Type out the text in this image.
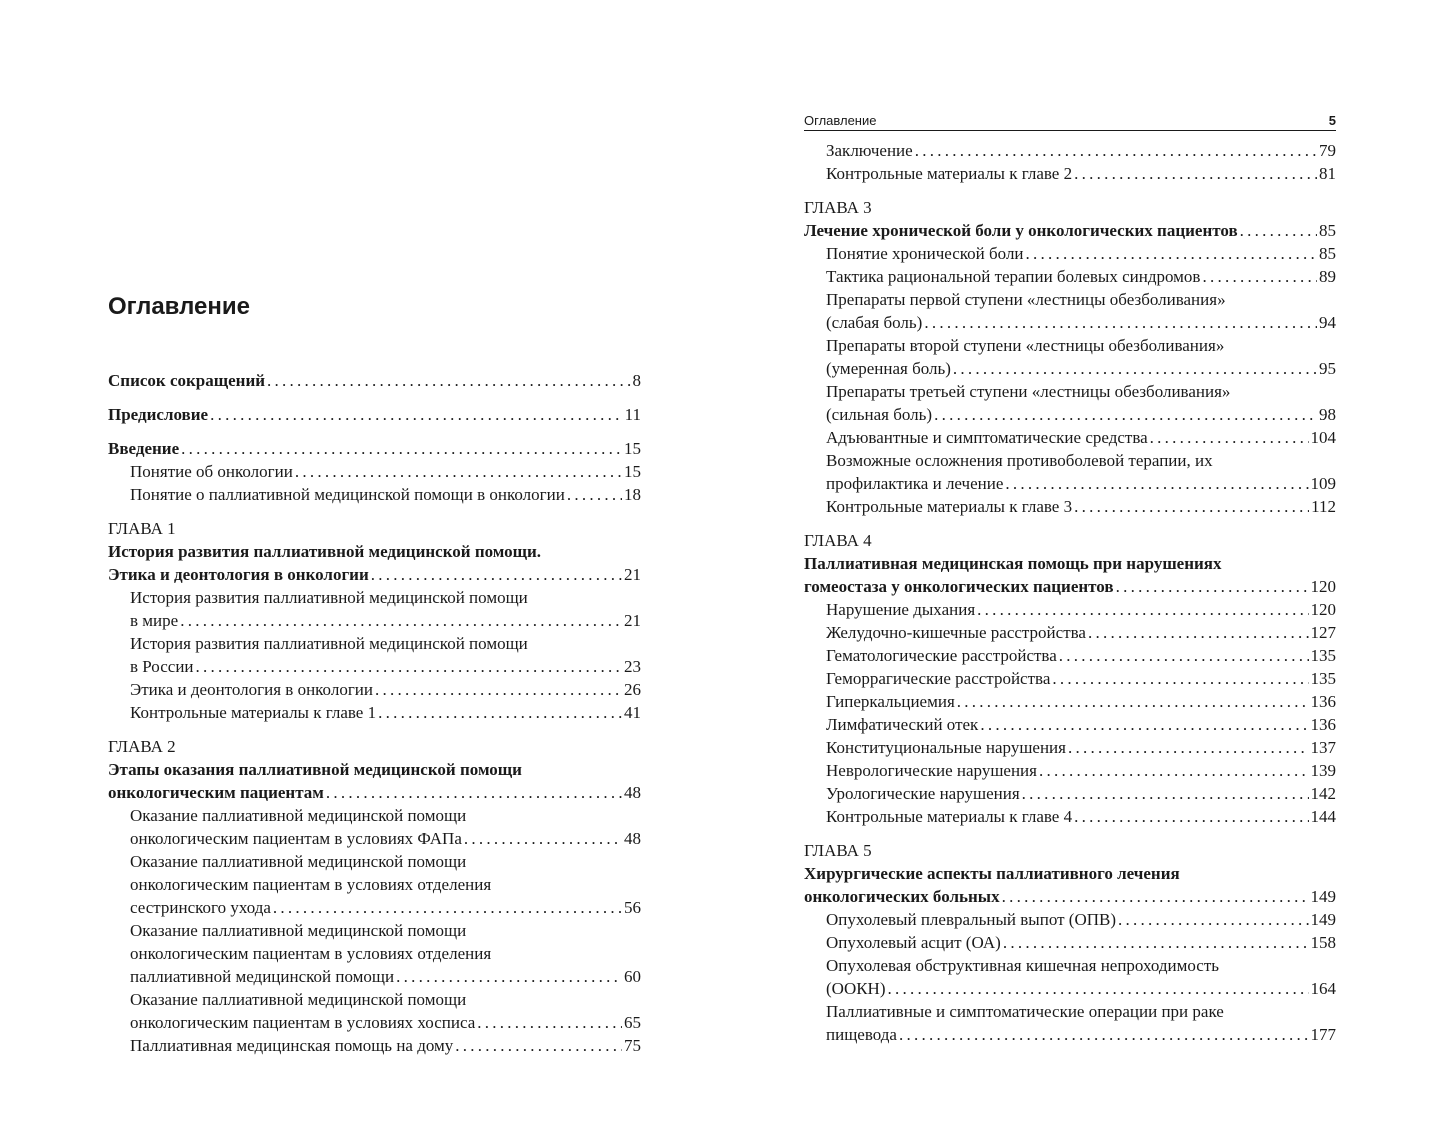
Оглавление
Список сокращений . . .	8
Предисловие . . .	11
Введение . . .	15
Понятие об онкологии . . .	15
Понятие о паллиативной медицинской помощи в онкологии . . .	18
ГЛАВА 1
История развития паллиативной медицинской помощи.
Этика и деонтология в онкологии . . .	21
История развития паллиативной медицинской помощи
в мире . . .	21
История развития паллиативной медицинской помощи
в России . . .	23
Этика и деонтология в онкологии . . .	26
Контрольные материалы к главе 1 . . .	41
ГЛАВА 2
Этапы оказания паллиативной медицинской помощи
онкологическим пациентам . . .	48
Оказание паллиативной медицинской помощи
онкологическим пациентам в условиях ФАПа . . .	48
Оказание паллиативной медицинской помощи
онкологическим пациентам в условиях отделения
сестринского ухода . . .	56
Оказание паллиативной медицинской помощи
онкологическим пациентам в условиях отделения
паллиативной медицинской помощи . . .	60
Оказание паллиативной медицинской помощи
онкологическим пациентам в условиях хосписа . . .	65
Паллиативная медицинская помощь на дому . . .	75
Оглавление	5
Заключение . . .	79
Контрольные материалы к главе 2 . . .	81
ГЛАВА 3
Лечение хронической боли у онкологических пациентов . . .	85
Понятие хронической боли . . .	85
Тактика рациональной терапии болевых синдромов . . .	89
Препараты первой ступени «лестницы обезболивания»
(слабая боль) . . .	94
Препараты второй ступени «лестницы обезболивания»
(умеренная боль) . . .	95
Препараты третьей ступени «лестницы обезболивания»
(сильная боль) . . .	98
Адъювантные и симптоматические средства . . .	104
Возможные осложнения противоболевой терапии, их
профилактика и лечение . . .	109
Контрольные материалы к главе 3 . . .	112
ГЛАВА 4
Паллиативная медицинская помощь при нарушениях
гомеостаза у онкологических пациентов . . .	120
Нарушение дыхания . . .	120
Желудочно-кишечные расстройства . . .	127
Гематологические расстройства . . .	135
Геморрагические расстройства . . .	135
Гиперкальциемия . . .	136
Лимфатический отек . . .	136
Конституциональные нарушения . . .	137
Неврологические нарушения . . .	139
Урологические нарушения . . .	142
Контрольные материалы к главе 4 . . .	144
ГЛАВА 5
Хирургические аспекты паллиативного лечения
онкологических больных . . .	149
Опухолевый плевральный выпот (ОПВ) . . .	149
Опухолевый асцит (ОА) . . .	158
Опухолевая обструктивная кишечная непроходимость
(ООКН) . . .	164
Паллиативные и симптоматические операции при раке
пищевода . . .	177
